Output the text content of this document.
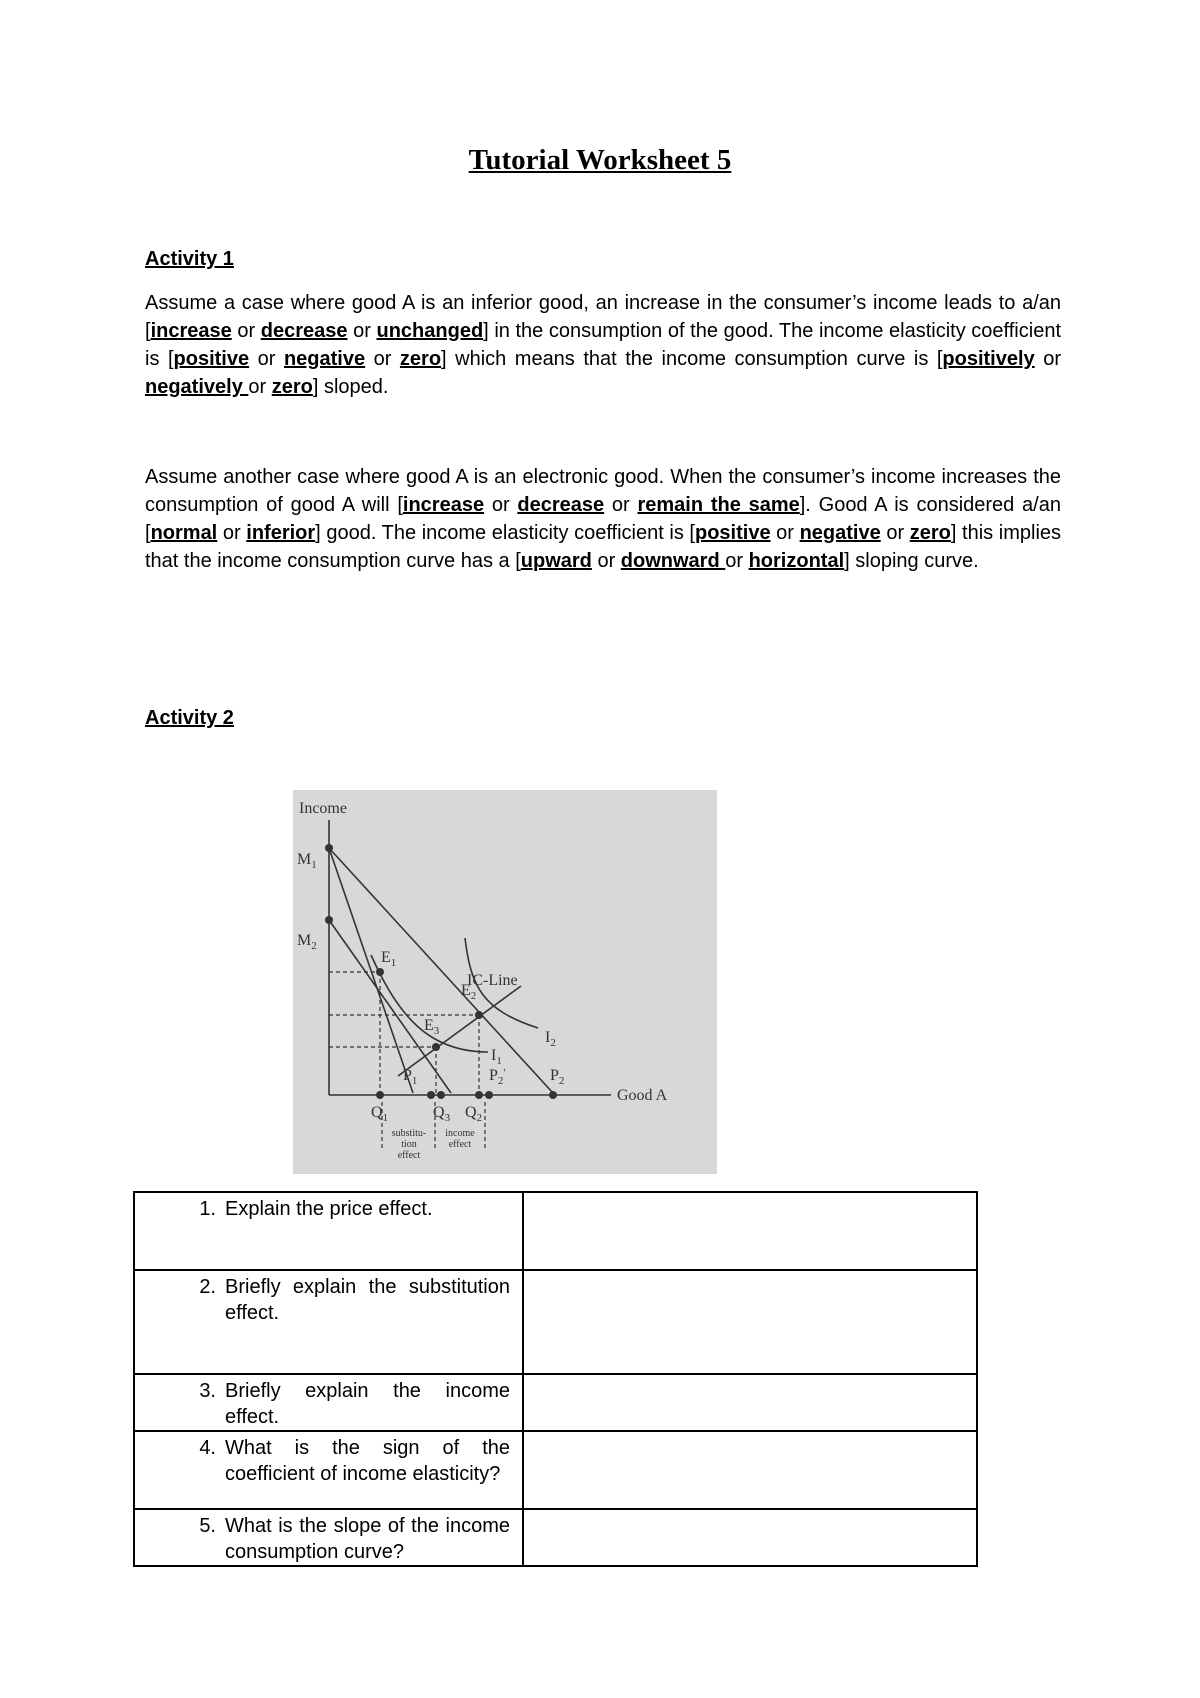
Tutorial Worksheet 5
Activity 1
Assume a case where good A is an inferior good, an increase in the consumer’s income leads to a/an [increase or decrease or unchanged] in the consumption of the good. The income elasticity coefficient is [positive or negative or zero] which means that the income consumption curve is [positively or negatively or zero] sloped.
Assume another case where good A is an electronic good. When the consumer’s income increases the consumption of good A will [increase or decrease or remain the same]. Good A is considered a/an [normal or inferior] good. The income elasticity coefficient is [positive or negative or zero] this implies that the income consumption curve has a [upward or downward or horizontal] sloping curve.
Activity 2
Income
Good A
IC-Line
$M_1$
$M_2$
$E_1$
$E_2$
$E_3$
$I_1$
$I_2$
$P_1$	$P_2'$	$P_2$
$Q_1$	$Q_3$ $Q_2$
substitu-
tion
effect
income
effect
1. Explain the price effect.	

2. Briefly explain the substitution effect.	

3. Briefly explain the income effect.	

4. What is the sign of the coefficient of income elasticity?	

5. What is the slope of the income consumption curve?	
